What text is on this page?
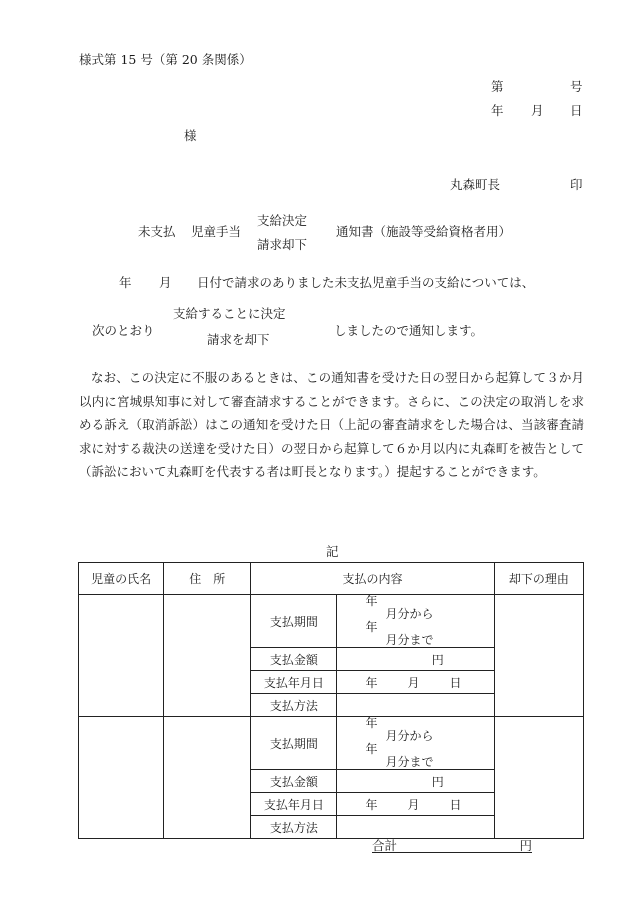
様式第 15 号（第 20 条関係）
第	号
年 月 日
様
丸森町長	印
未支払 児童手当
支給決定
請求却下
通知書（施設等受給資格者用）
年 月 日付で請求のありました未支払児童手当の支給については、
支給することに決定
次のとおり
請求を却下
しましたので通知します。
なお、この決定に不服のあるときは、この通知書を受けた日の翌日から起算して３か月以内に宮城県知事に対して審査請求することができます。さらに、この決定の取消しを求める訴え（取消訴訟）はこの通知を受けた日（上記の審査請求をした場合は、当該審査請求に対する裁決の送達を受けた日）の翌日から起算して６か月以内に丸森町を被告として（訴訟において丸森町を代表する者は町長となります。）提起することができます。
記
児童の氏名	住　所	支払の内容		却下の理由
		支払期間	年
月分から
年
月分まで	

		支払金額	円	
		支払年月日	年 月 日	
		支払方法		
		支払期間	年
月分から
年
月分まで	

		支払金額	円	
		支払年月日	年 月 日	
		支払方法		
合計	円
